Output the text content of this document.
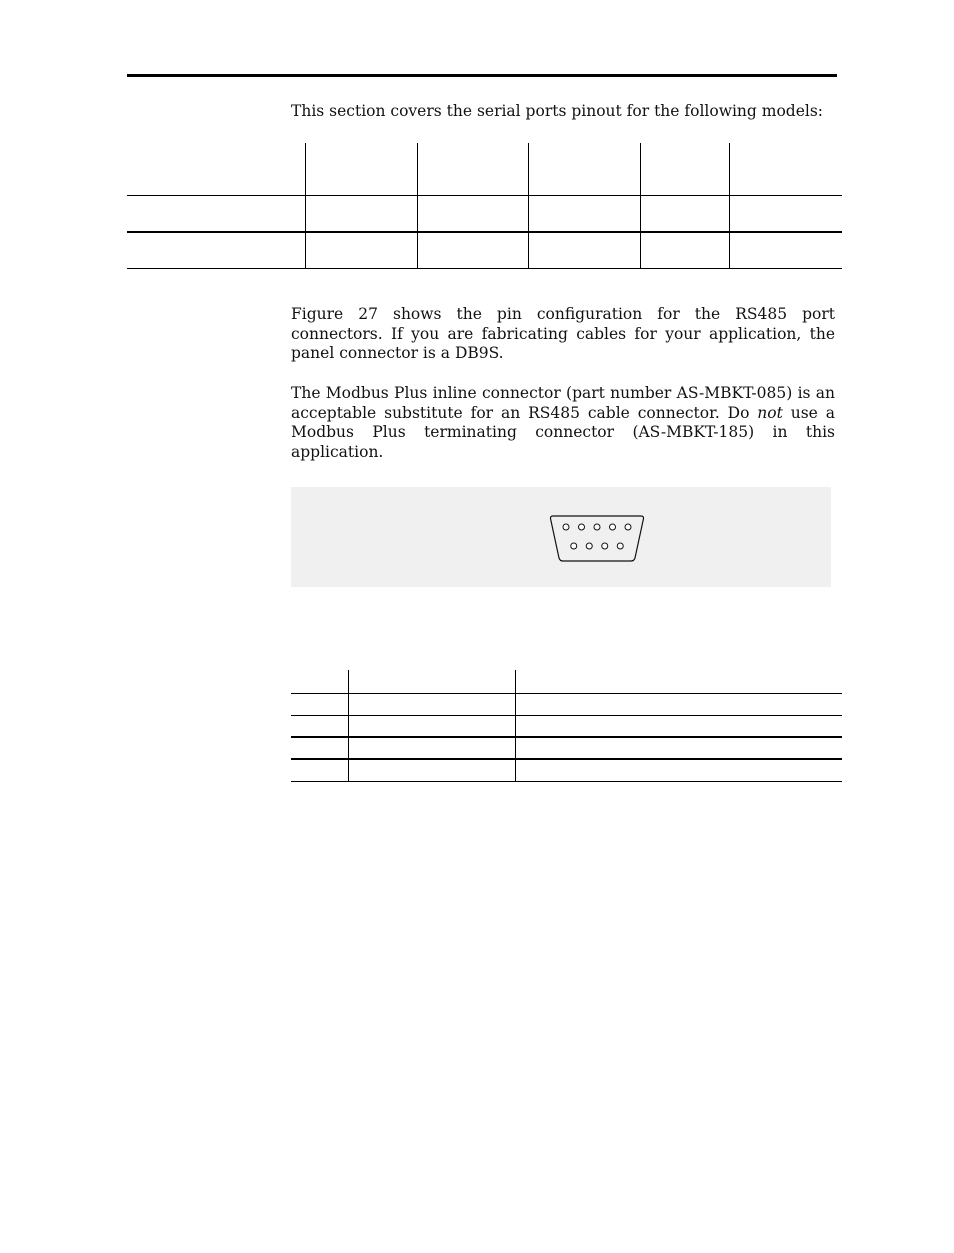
This section covers the serial ports pinout for the following models:

Figure 27 shows the pin configuration for the RS485 port connectors. If you are fabricating cables for your application, the panel connector is a DB9S.

The Modbus Plus inline connector (part number AS-MBKT-085) is an acceptable substitute for an RS485 cable connector. Do not use a Modbus Plus terminating connector (AS-MBKT-185) in this application.
